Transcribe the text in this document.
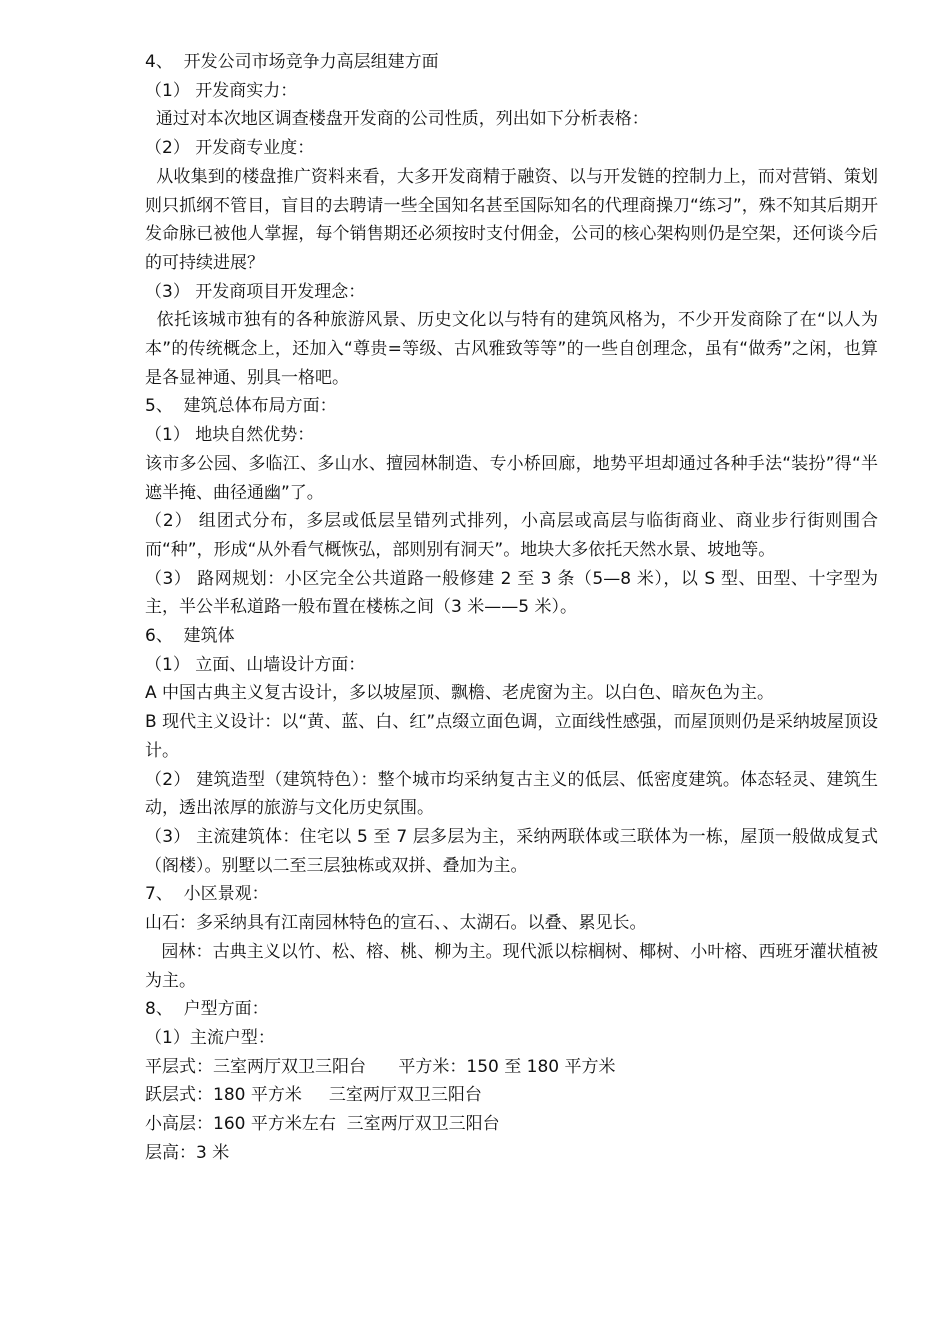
4、  开发公司市场竞争力高层组建方面
（1） 开发商实力：
通过对本次地区调查楼盘开发商的公司性质，列出如下分析表格：
（2） 开发商专业度：
从收集到的楼盘推广资料来看，大多开发商精于融资、以与开发链的控制力上，而对营销、策划则只抓纲不管目，盲目的去聘请一些全国知名甚至国际知名的代理商操刀“练习”，殊不知其后期开发命脉已被他人掌握，每个销售期还必须按时支付佣金，公司的核心架构则仍是空架，还何谈今后的可持续进展？
（3） 开发商项目开发理念：
依托该城市独有的各种旅游风景、历史文化以与特有的建筑风格为，不少开发商除了在“以人为本”的传统概念上，还加入“尊贵=等级、古风雅致等等”的一些自创理念，虽有“做秀”之闲，也算是各显神通、别具一格吧。
5、  建筑总体布局方面：
（1） 地块自然优势：
该市多公园、多临江、多山水、擅园林制造、专小桥回廊，地势平坦却通过各种手法“装扮”得“半遮半掩、曲径通幽”了。
（2） 组团式分布，多层或低层呈错列式排列，小高层或高层与临街商业、商业步行街则围合而“种”，形成“从外看气概恢弘，部则别有洞天”。地块大多依托天然水景、坡地等。
（3） 路网规划：小区完全公共道路一般修建 2 至 3 条（5—8 米），以 S 型、田型、十字型为主，半公半私道路一般布置在楼栋之间（3 米——5 米）。
6、  建筑体
（1） 立面、山墙设计方面：
A 中国古典主义复古设计，多以坡屋顶、飘檐、老虎窗为主。以白色、暗灰色为主。
B 现代主义设计：以“黄、蓝、白、红”点缀立面色调，立面线性感强，而屋顶则仍是采纳坡屋顶设计。
（2） 建筑造型（建筑特色）：整个城市均采纳复古主义的低层、低密度建筑。体态轻灵、建筑生动，透出浓厚的旅游与文化历史氛围。
（3） 主流建筑体：住宅以 5 至 7 层多层为主，采纳两联体或三联体为一栋，屋顶一般做成复式（阁楼）。别墅以二至三层独栋或双拼、叠加为主。
7、  小区景观：
山石：多采纳具有江南园林特色的宣石、、太湖石。以叠、累见长。
园林：古典主义以竹、松、榕、桃、柳为主。现代派以棕榈树、椰树、小叶榕、西班牙灌状植被为主。
8、  户型方面：
（1）主流户型：
平层式：三室两厅双卫三阳台      平方米：150 至 180 平方米
跃层式：180 平方米     三室两厅双卫三阳台
小高层：160 平方米左右  三室两厅双卫三阳台
层高：3 米
